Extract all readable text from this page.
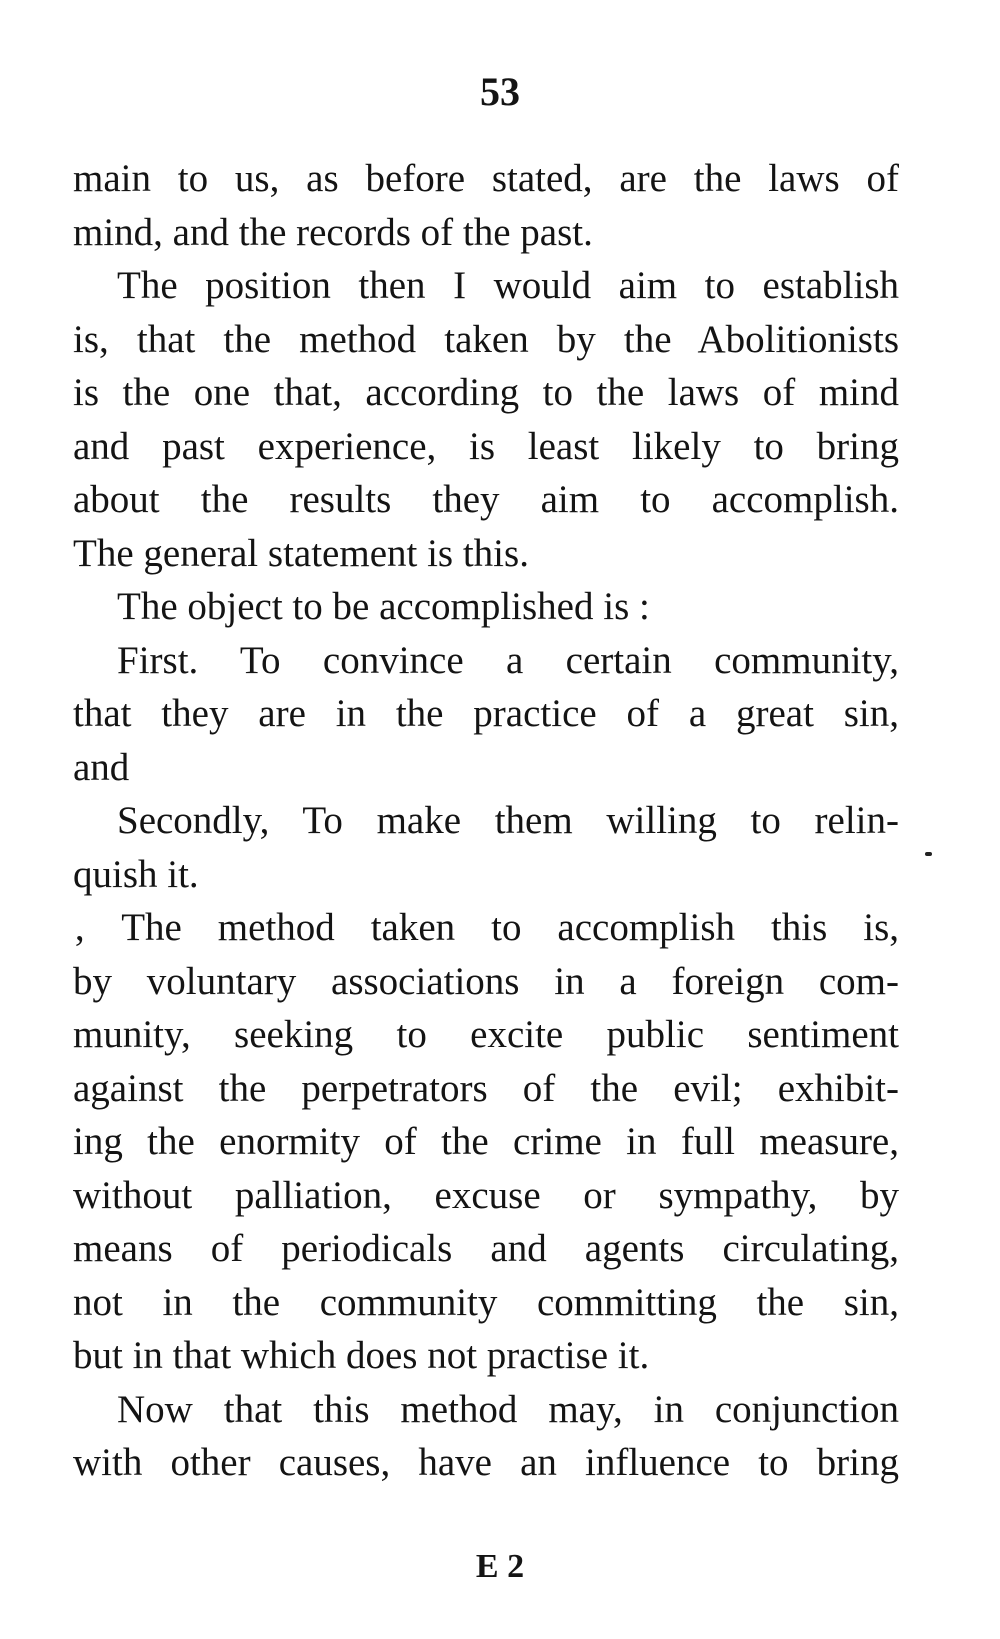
53
main to us, as before stated, are the laws of
mind, and the records of the past.
The position then I would aim to establish
is, that the method taken by the Abolitionists
is the one that, according to the laws of mind
and past experience, is least likely to bring
about the results they aim to accomplish.
The general statement is this.
The object to be accomplished is :
First. To convince a certain community,
that they are in the practice of a great sin,
and
Secondly, To make them willing to relin-
quish it.
‚ The method taken to accomplish this is,
by voluntary associations in a foreign com-
munity, seeking to excite public sentiment
against the perpetrators of the evil; exhibit-
ing the enormity of the crime in full measure,
without palliation, excuse or sympathy, by
means of periodicals and agents circulating,
not in the community committing the sin,
but in that which does not practise it.
Now that this method may, in conjunction
with other causes, have an influence to bring
E 2
